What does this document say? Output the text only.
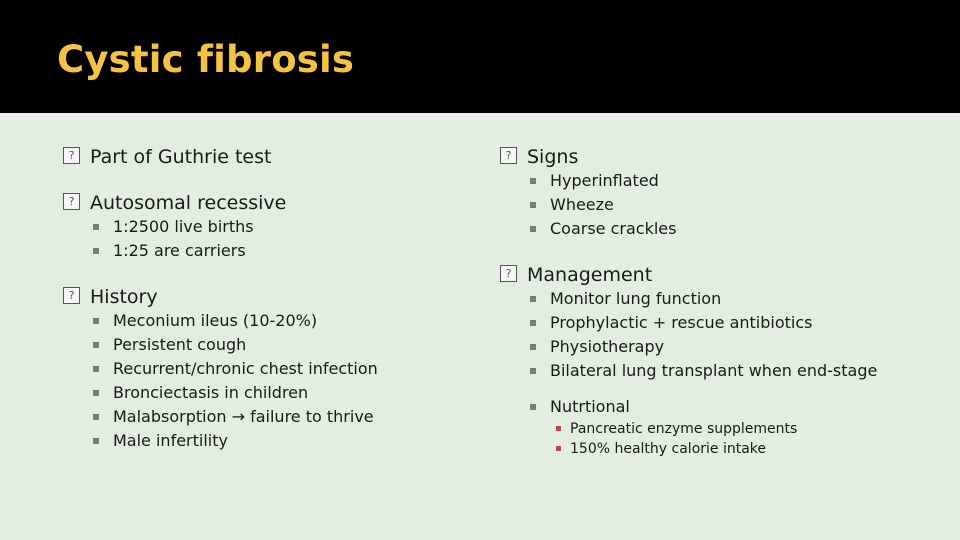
Cystic fibrosis
? Part of Guthrie test
? Autosomal recessive
1:2500 live births
1:25 are carriers
? History
Meconium ileus (10-20%)
Persistent cough
Recurrent/chronic chest infection
Bronciectasis in children
Malabsorption → failure to thrive
Male infertility
? Signs
Hyperinflated
Wheeze
Coarse crackles
? Management
Monitor lung function
Prophylactic + rescue antibiotics
Physiotherapy
Bilateral lung transplant when end-stage
Nutrtional
Pancreatic enzyme supplements
150% healthy calorie intake
